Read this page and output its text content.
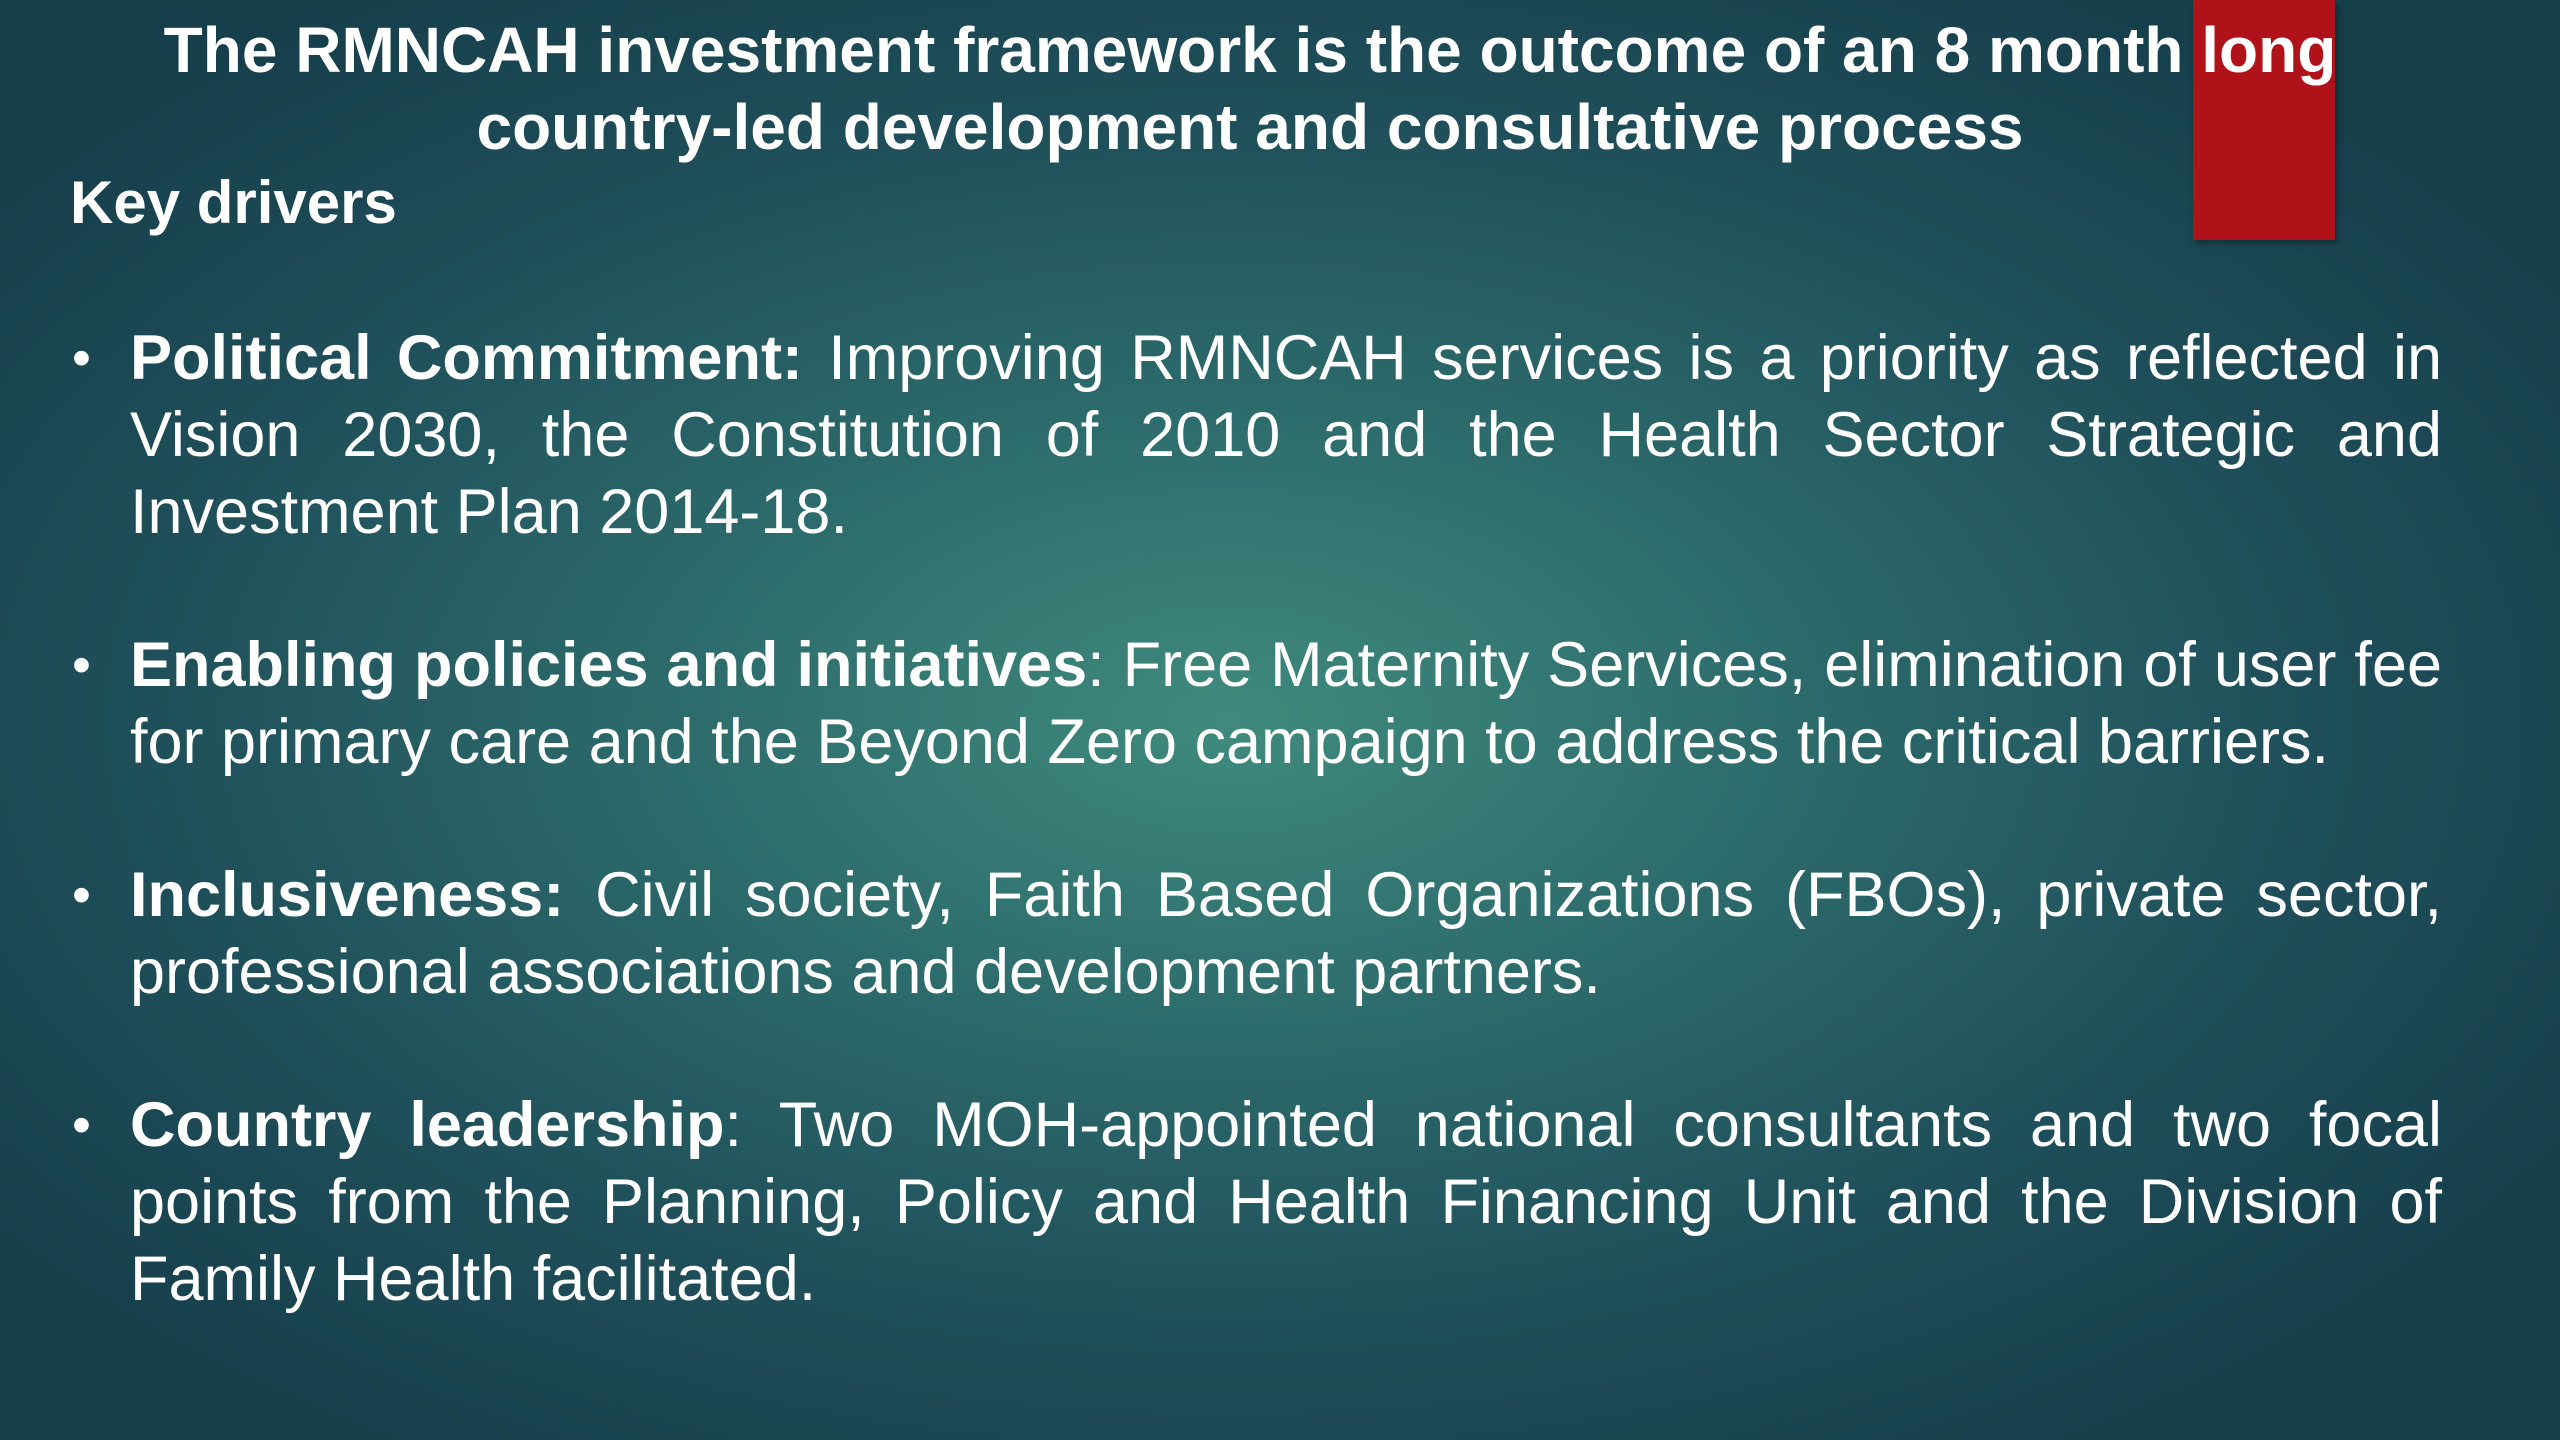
The RMNCAH investment framework is the outcome of an 8 month long country-led development and consultative process
Key drivers
• Political Commitment: Improving RMNCAH services is a priority as reflected in Vision 2030, the Constitution of 2010 and the Health Sector Strategic and Investment Plan 2014-18.
• Enabling policies and initiatives: Free Maternity Services, elimination of user fee for primary care and the Beyond Zero campaign to address the critical barriers.
• Inclusiveness: Civil society, Faith Based Organizations (FBOs), private sector, professional associations and development partners.
• Country leadership: Two MOH-appointed national consultants and two focal points from the Planning, Policy and Health Financing Unit and the Division of Family Health facilitated.
